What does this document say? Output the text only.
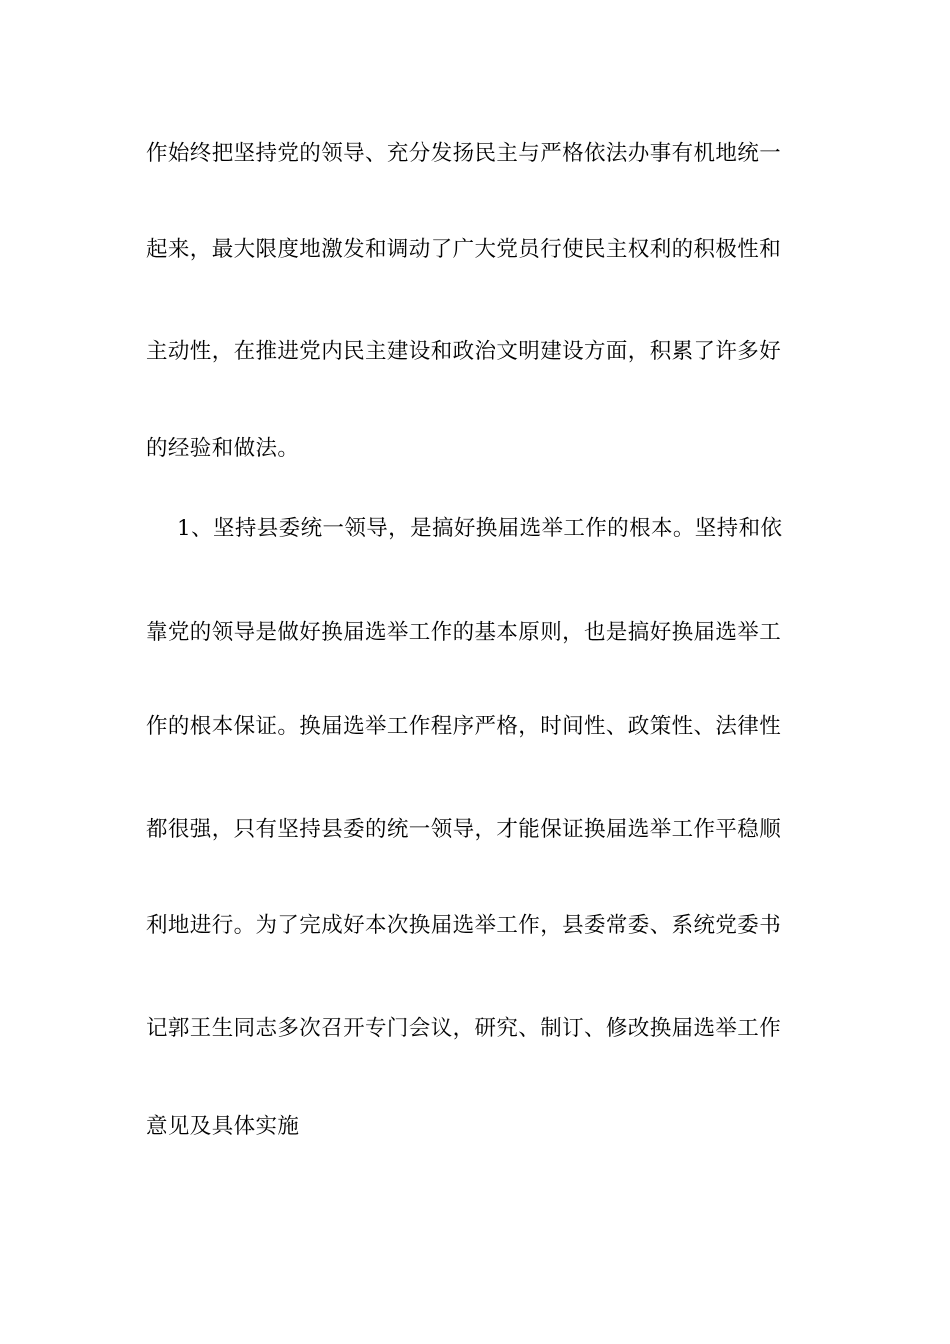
作始终把坚持党的领导、充分发扬民主与严格依法办事有机地统一
起来，最大限度地激发和调动了广大党员行使民主权利的积极性和
主动性，在推进党内民主建设和政治文明建设方面，积累了许多好
的经验和做法。
1、坚持县委统一领导，是搞好换届选举工作的根本。坚持和依
靠党的领导是做好换届选举工作的基本原则，也是搞好换届选举工
作的根本保证。换届选举工作程序严格，时间性、政策性、法律性
都很强，只有坚持县委的统一领导，才能保证换届选举工作平稳顺
利地进行。为了完成好本次换届选举工作，县委常委、系统党委书
记郭王生同志多次召开专门会议，研究、制订、修改换届选举工作
意见及具体实施
